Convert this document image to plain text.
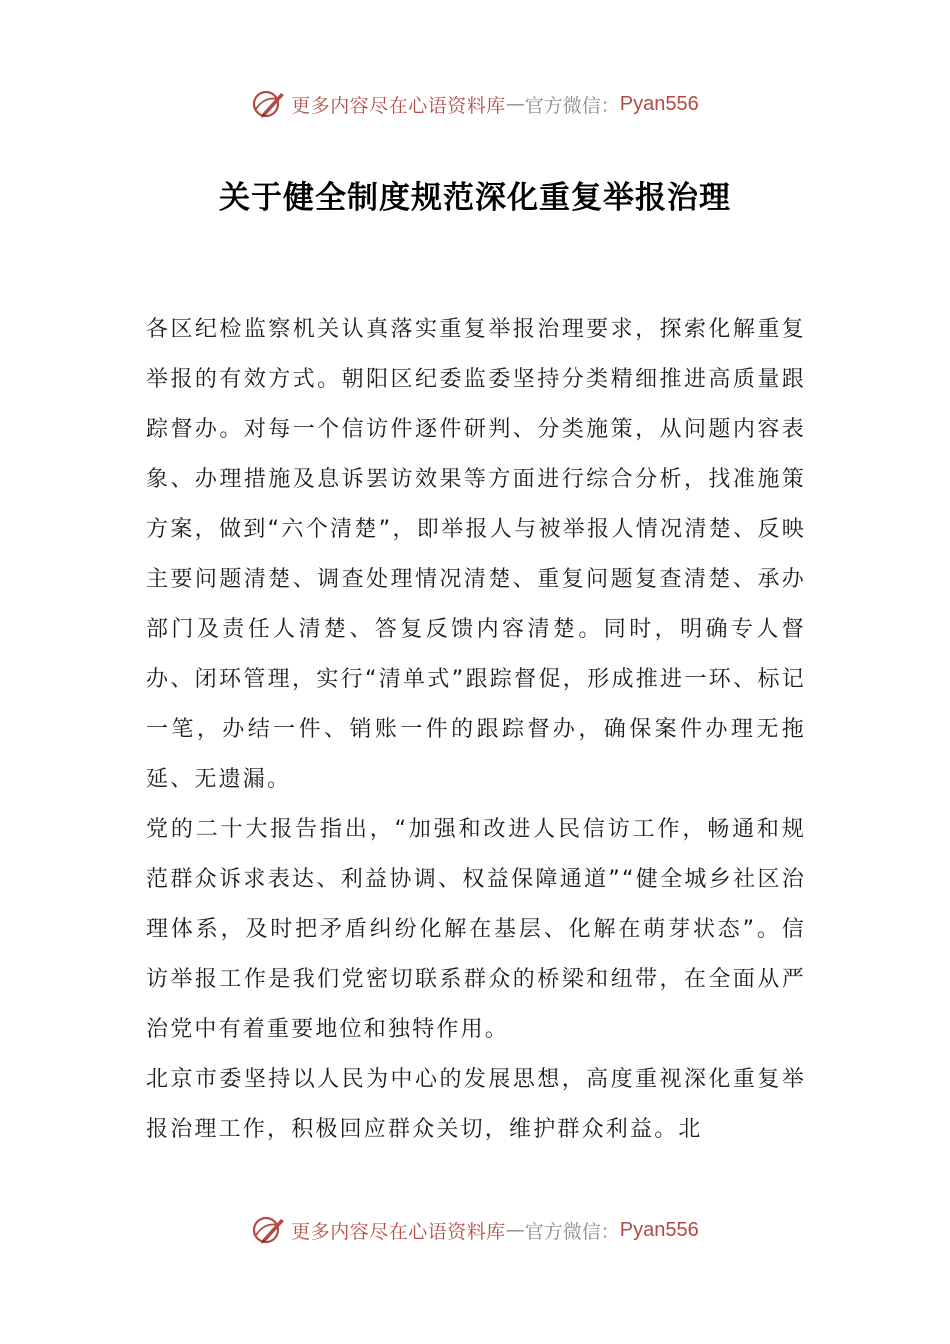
更多内容尽在心语资料库 — 官方微信： Pyan556
关于健全制度规范深化重复举报治理

各区纪检监察机关认真落实重复举报治理要求，探索化解重复举报的有效方式。朝阳区纪委监委坚持分类精细推进高质量跟踪督办。对每一个信访件逐件研判、分类施策，从问题内容表象、办理措施及息诉罢访效果等方面进行综合分析，找准施策方案，做到“六个清楚”，即举报人与被举报人情况清楚、反映主要问题清楚、调查处理情况清楚、重复问题复查清楚、承办部门及责任人清楚、答复反馈内容清楚。同时，明确专人督办、闭环管理，实行“清单式”跟踪督促，形成推进一环、标记一笔，办结一件、销账一件的跟踪督办，确保案件办理无拖延、无遗漏。

党的二十大报告指出，“加强和改进人民信访工作，畅通和规范群众诉求表达、利益协调、权益保障通道”“健全城乡社区治理体系，及时把矛盾纠纷化解在基层、化解在萌芽状态”。信访举报工作是我们党密切联系群众的桥梁和纽带，在全面从严治党中有着重要地位和独特作用。

北京市委坚持以人民为中心的发展思想，高度重视深化重复举报治理工作，积极回应群众关切，维护群众利益。北

更多内容尽在心语资料库 — 官方微信： Pyan556
